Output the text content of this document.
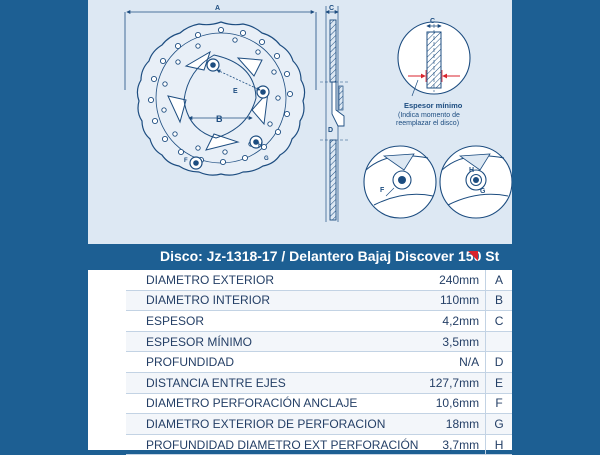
A
B
E
F
H
G
C
D
C
Espesor mínimo
(Indica momento de
reemplazar el disco)
F
H
G
Disco: Jz-1318-17 / Delantero Bajaj Discover 150 St
DIAMETRO EXTERIOR	240mm	A
DIAMETRO INTERIOR	110mm	B
ESPESOR	4,2mm	C
ESPESOR MÍNIMO	3,5mm	
PROFUNDIDAD	N/A	D
DISTANCIA ENTRE EJES	127,7mm	E
DIAMETRO PERFORACIÓN ANCLAJE	10,6mm	F
DIAMETRO EXTERIOR DE PERFORACION	18mm	G
PROFUNDIDAD DIAMETRO EXT PERFORACIÓN	3,7mm	H
